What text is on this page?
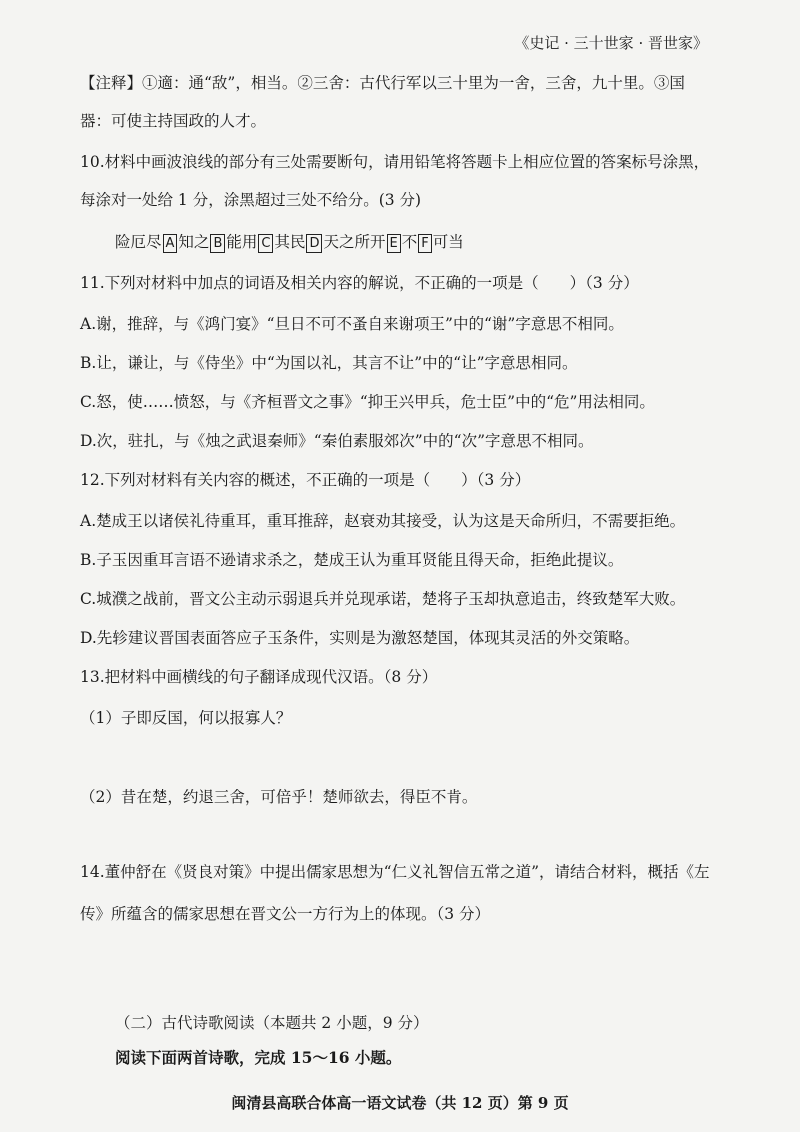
《史记 · 三十世家 · 晋世家》
【注释】①適：通“敌”，相当。②三舍：古代行军以三十里为一舍，三舍，九十里。③国
器：可使主持国政的人才。
10.材料中画波浪线的部分有三处需要断句，请用铅笔将答题卡上相应位置的答案标号涂黑，
每涂对一处给 1 分，涂黑超过三处不给分。(3 分)
险厄尽 A 知之 B 能用 C 其民 D 天之所开 E 不 F 可当
11.下列对材料中加点的词语及相关内容的解说，不正确的一项是（　　）（3 分）
A.谢，推辞，与《鸿门宴》“旦日不可不蚤自来谢项王”中的“谢”字意思不相同。
B.让，谦让，与《侍坐》中“为国以礼，其言不让”中的“让”字意思相同。
C.怒，使……愤怒，与《齐桓晋文之事》“抑王兴甲兵，危士臣”中的“危”用法相同。
D.次，驻扎，与《烛之武退秦师》“秦伯素服郊次”中的“次”字意思不相同。
12.下列对材料有关内容的概述，不正确的一项是（　　）（3 分）
A.楚成王以诸侯礼待重耳，重耳推辞，赵衰劝其接受，认为这是天命所归，不需要拒绝。
B.子玉因重耳言语不逊请求杀之，楚成王认为重耳贤能且得天命，拒绝此提议。
C.城濮之战前，晋文公主动示弱退兵并兑现承诺，楚将子玉却执意追击，终致楚军大败。
D.先轸建议晋国表面答应子玉条件，实则是为激怒楚国，体现其灵活的外交策略。
13.把材料中画横线的句子翻译成现代汉语。（8 分）
（1）子即反国，何以报寡人？
（2）昔在楚，约退三舍，可倍乎！楚师欲去，得臣不肯。
14.董仲舒在《贤良对策》中提出儒家思想为“仁义礼智信五常之道”，请结合材料，概括《左
传》所蕴含的儒家思想在晋文公一方行为上的体现。（3 分）
（二）古代诗歌阅读（本题共 2 小题，9 分）
阅读下面两首诗歌，完成 15～16 小题。
闽清县高联合体高一语文试卷（共 12 页）第 9 页
